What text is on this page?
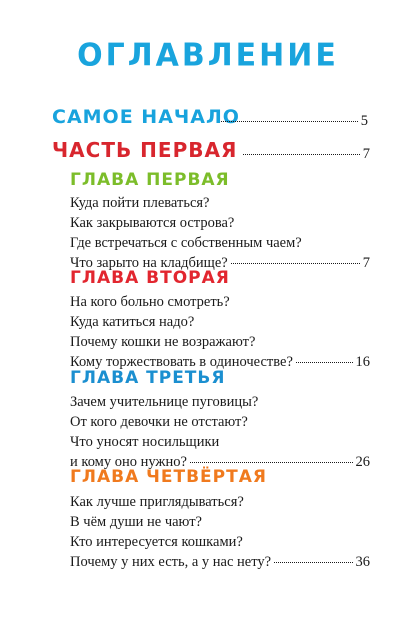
ОГЛАВЛЕНИЕ
САМОЕ НАЧАЛО	5
ЧАСТЬ ПЕРВАЯ	7
ГЛАВА ПЕРВАЯ
Куда пойти плеваться?
Как закрываются острова?
Где встречаться с собственным чаем?
Что зарыто на кладбище?	7
ГЛАВА ВТОРАЯ
На кого больно смотреть?
Куда катиться надо?
Почему кошки не возражают?
Кому торжествовать в одиночестве?	16
ГЛАВА ТРЕТЬЯ
Зачем учительнице пуговицы?
От кого девочки не отстают?
Что уносят носильщики
и кому оно нужно?	26
ГЛАВА ЧЕТВЁРТАЯ
Как лучше приглядываться?
В чём души не чают?
Кто интересуется кошками?
Почему у них есть, а у нас нету?	36
